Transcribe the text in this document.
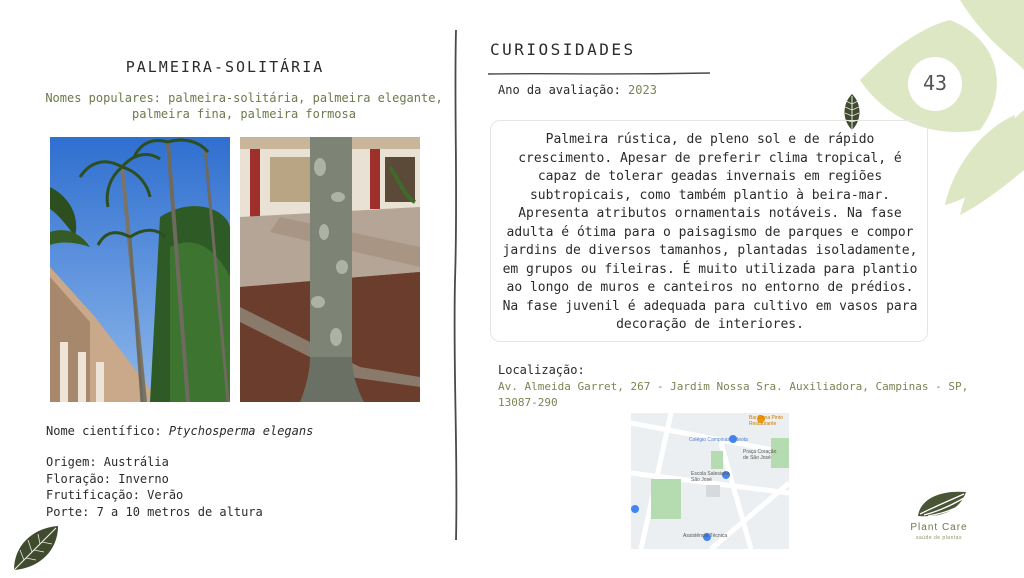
PALMEIRA-SOLITÁRIA
Nomes populares: palmeira-solitária, palmeira elegante, palmeira fina, palmeira formosa
Nome científico: Ptychosperma elegans
Origem: Austrália
Floração: Inverno
Frutificação: Verão
Porte: 7 a 10 metros de altura
CURIOSIDADES
Ano da avaliação: 2023	43
Palmeira rústica, de pleno sol e de rápido crescimento. Apesar de preferir clima tropical, é capaz de tolerar geadas invernais em regiões subtropicais, como também plantio à beira-mar. Apresenta atributos ornamentais notáveis. Na fase adulta é ótima para o paisagismo de parques e compor jardins de diversos tamanhos, plantadas isoladamente, em grupos ou fileiras. É muito utilizada para plantio ao longo de muros e canteiros no entorno de prédios. Na fase juvenil é adequada para cultivo em vasos para decoração de interiores.
Localização:
Av. Almeida Garret, 267 - Jardim Nossa Sra. Auxiliadora, Campinas - SP, 13087-290
Colégio Campinas Aldeota
Escola Salesiana São José
Bar Dona Pinto Restaurante
Assistência Técnica
Praça Coração de São José
Plant Care
saúde de plantas
